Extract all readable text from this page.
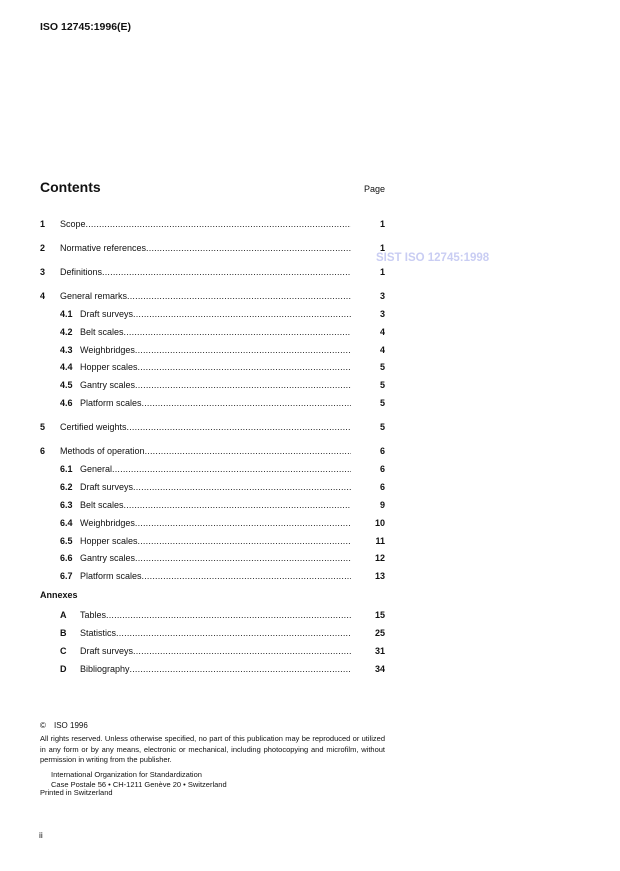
ISO 12745:1996(E)
Contents	Page
SIST ISO 12745:1998
1 Scope .....	1
2 Normative references .....	1
3 Definitions .....	1
4 General remarks .....	3
4.1 Draft surveys .....	3
4.2 Belt scales .....	4
4.3 Weighbridges .....	4
4.4 Hopper scales .....	5
4.5 Gantry scales .....	5
4.6 Platform scales .....	5
5 Certified weights .....	5
6 Methods of operation .....	6
6.1 General .....	6
6.2 Draft surveys .....	6
6.3 Belt scales .....	9
6.4 Weighbridges .....	10
6.5 Hopper scales .....	11
6.6 Gantry scales .....	12
6.7 Platform scales .....	13
Annexes
A Tables .....	15
B Statistics .....	25
C Draft surveys .....	31
D Bibliography .....	34
© ISO 1996
All rights reserved. Unless otherwise specified, no part of this publication may be reproduced or utilized in any form or by any means, electronic or mechanical, including photocopying and microfilm, without permission in writing from the publisher.
International Organization for Standardization
Case Postale 56 • CH-1211 Genève 20 • Switzerland
Printed in Switzerland
ii
